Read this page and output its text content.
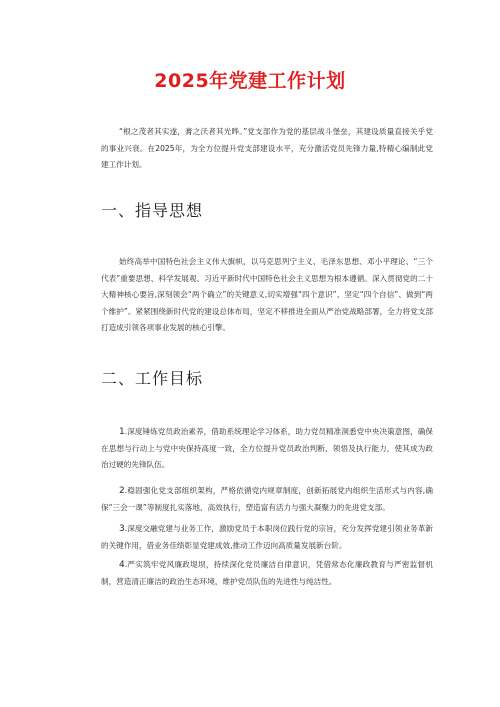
2025年党建工作计划
“根之茂者其实遂，膏之沃者其光晔。”党支部作为党的基层战斗堡垒，其建设质量直接关乎党的事业兴衰。在2025年，为全方位提升党支部建设水平，充分激活党员先锋力量,特精心编制此党建工作计划。
一、指导思想
始终高举中国特色社会主义伟大旗帜，以马克思列宁主义、毛泽东思想、邓小平理论、“三个代表”重要思想、科学发展观、习近平新时代中国特色社会主义思想为根本遵循。深入贯彻党的二十大精神核心要旨,深刻领会“两个确立”的关键意义,切实增强“四个意识”、坚定“四个自信”、做到“两个维护”。紧紧围绕新时代党的建设总体布局，坚定不移推进全面从严治党战略部署，全力将党支部打造成引领各项事业发展的核心引擎。
二、工作目标
1.深度锤炼党员政治素养，借助系统理论学习体系，助力党员精准洞悉党中央决策意图，确保在思想与行动上与党中央保持高度一致，全方位提升党员政治判断、领悟及执行能力，使其成为政治过硬的先锋队伍。
2.稳固强化党支部组织架构，严格依循党内规章制度，创新拓展党内组织生活形式与内容,确保“三会一课”等制度扎实落地、高效执行，塑造富有活力与强大凝聚力的先进党支部。
3.深度交融党建与业务工作，激励党员于本职岗位践行党的宗旨，充分发挥党建引领业务革新的关键作用，借业务佳绩彰显党建成效,推动工作迈向高质量发展新台阶。
4.严实筑牢党风廉政堤坝，持续深化党员廉洁自律意识，凭借常态化廉政教育与严密监督机制，营造清正廉洁的政治生态环境，维护党员队伍的先进性与纯洁性。
